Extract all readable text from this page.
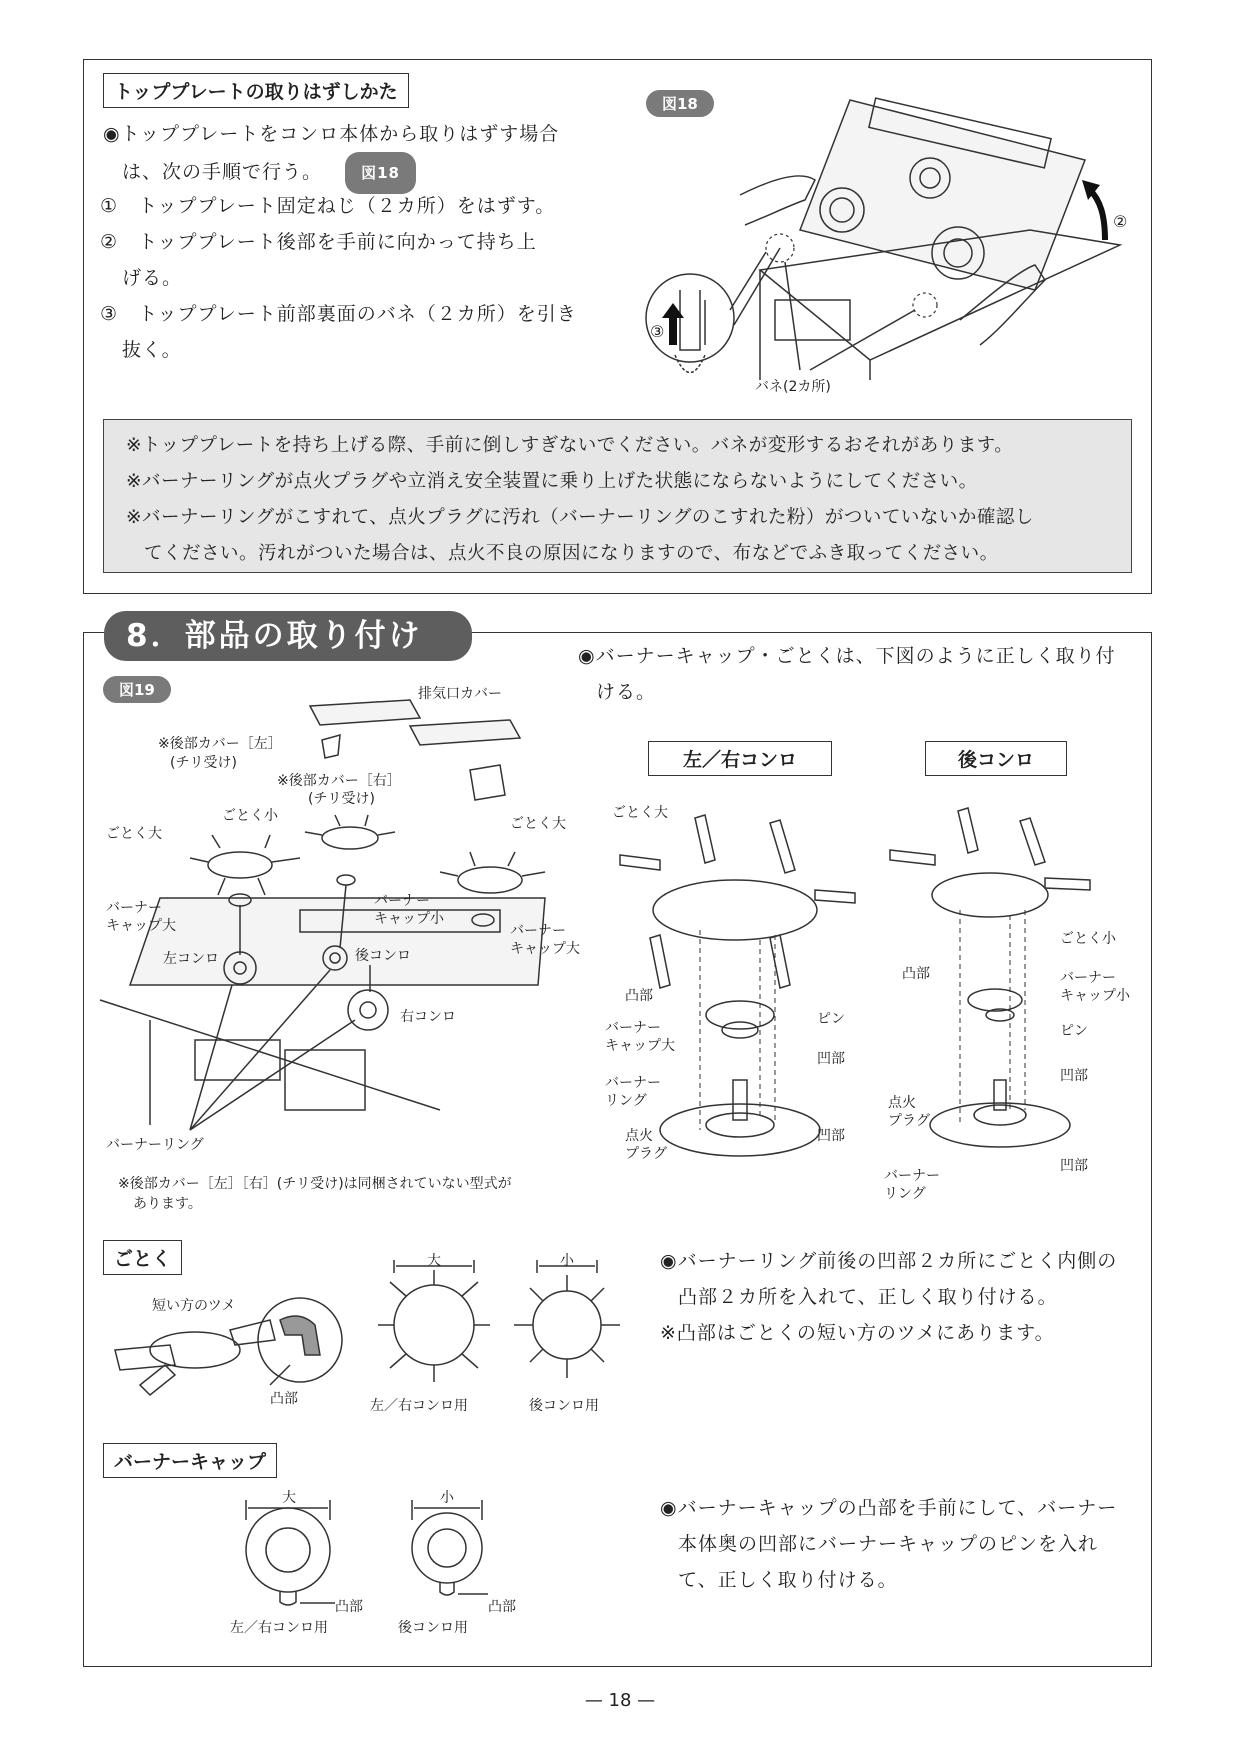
トッププレートの取りはずしかた
◉トッププレートをコンロ本体から取りはずす場合
は、次の手順で行う。	図18
①　 トッププレート固定ねじ（２カ所）をはずす。
②　 トッププレート後部を手前に向かって持ち上
げる。
③　 トッププレート前部裏面のバネ（２カ所）を引き
抜く。
図18
②
③
バネ(2カ所)
※トッププレートを持ち上げる際、手前に倒しすぎないでください。バネが変形するおそれがあります。
※バーナーリングが点火プラグや立消え安全装置に乗り上げた状態にならないようにしてください。
※バーナーリングがこすれて、点火プラグに汚れ（バーナーリングのこすれた粉）がついていないか確認し
てください。汚れがついた場合は、点火不良の原因になりますので、布などでふき取ってください。
8．部品の取り付け
◉バーナーキャップ・ごとくは、下図のように正しく取り付
ける。
図19	排気口カバー
※後部カバー［左］
(チリ受け)
※後部カバー［右］
(チリ受け)
ごとく小
ごとく大
ごとく大
バーナー
キャップ大
バーナー
キャップ小
バーナー
キャップ大
左コンロ	後コンロ
右コンロ
バーナーリング
※後部カバー［左］［右］(チリ受け)は同梱されていない型式が
あります。
左／右コンロ
ごとく大
凸部
バーナー
キャップ大
ピン
凹部
バーナー
リング
点火
プラグ
凹部
後コンロ
ごとく小
凸部	バーナー
キャップ小
ピン
凹部
点火
プラグ
凹部
バーナー
リング
ごとく
短い方のツメ
凸部
大	小
左／右コンロ用	後コンロ用
◉バーナーリング前後の凹部２カ所にごとく内側の
凸部２カ所を入れて、正しく取り付ける。
※凸部はごとくの短い方のツメにあります。
バーナーキャップ
大	小
凸部	凸部
左／右コンロ用	後コンロ用
◉バーナーキャップの凸部を手前にして、バーナー
本体奥の凹部にバーナーキャップのピンを入れ
て、正しく取り付ける。
— 18 —
